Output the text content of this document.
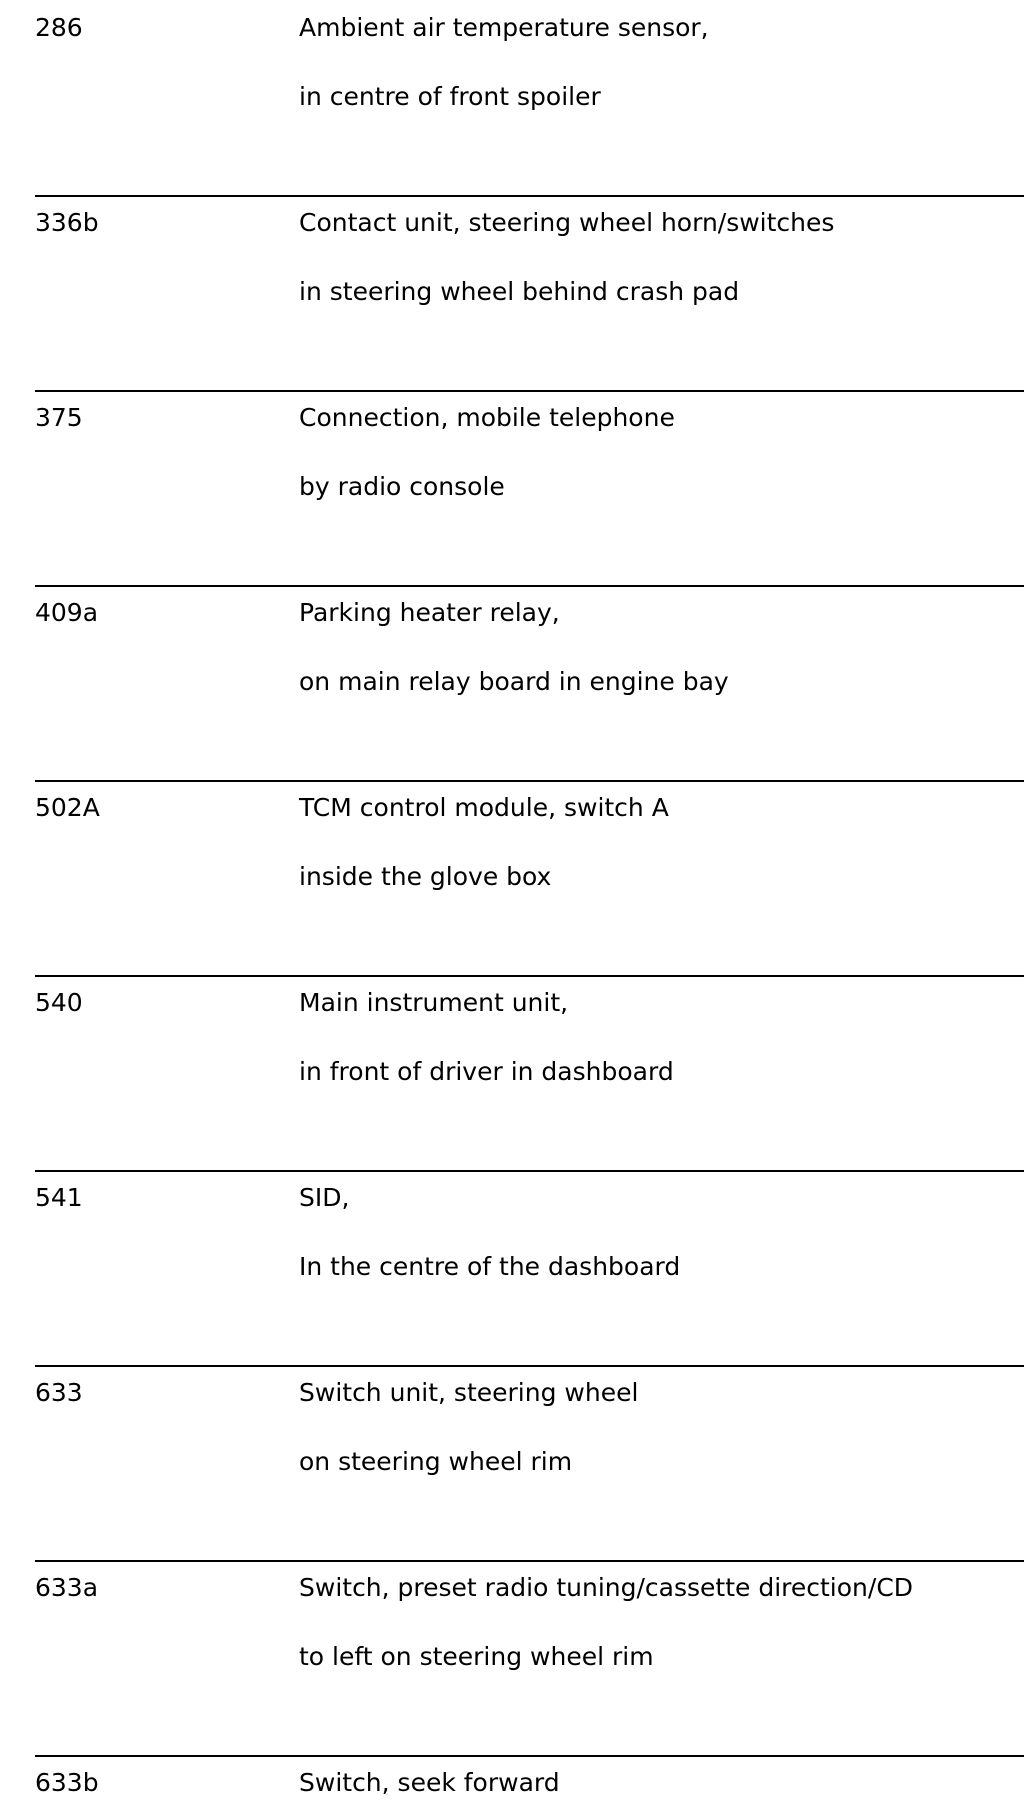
286	Ambient air temperature sensor,
in centre of front spoiler
336b	Contact unit, steering wheel horn/switches
in steering wheel behind crash pad
375	Connection, mobile telephone
by radio console
409a	Parking heater relay,
on main relay board in engine bay
502A	TCM control module, switch A
inside the glove box
540	Main instrument unit,
in front of driver in dashboard
541	SID,
In the centre of the dashboard
633	Switch unit, steering wheel
on steering wheel rim
633a	Switch, preset radio tuning/cassette direction/CD
to left on steering wheel rim
633b	Switch, seek forward
